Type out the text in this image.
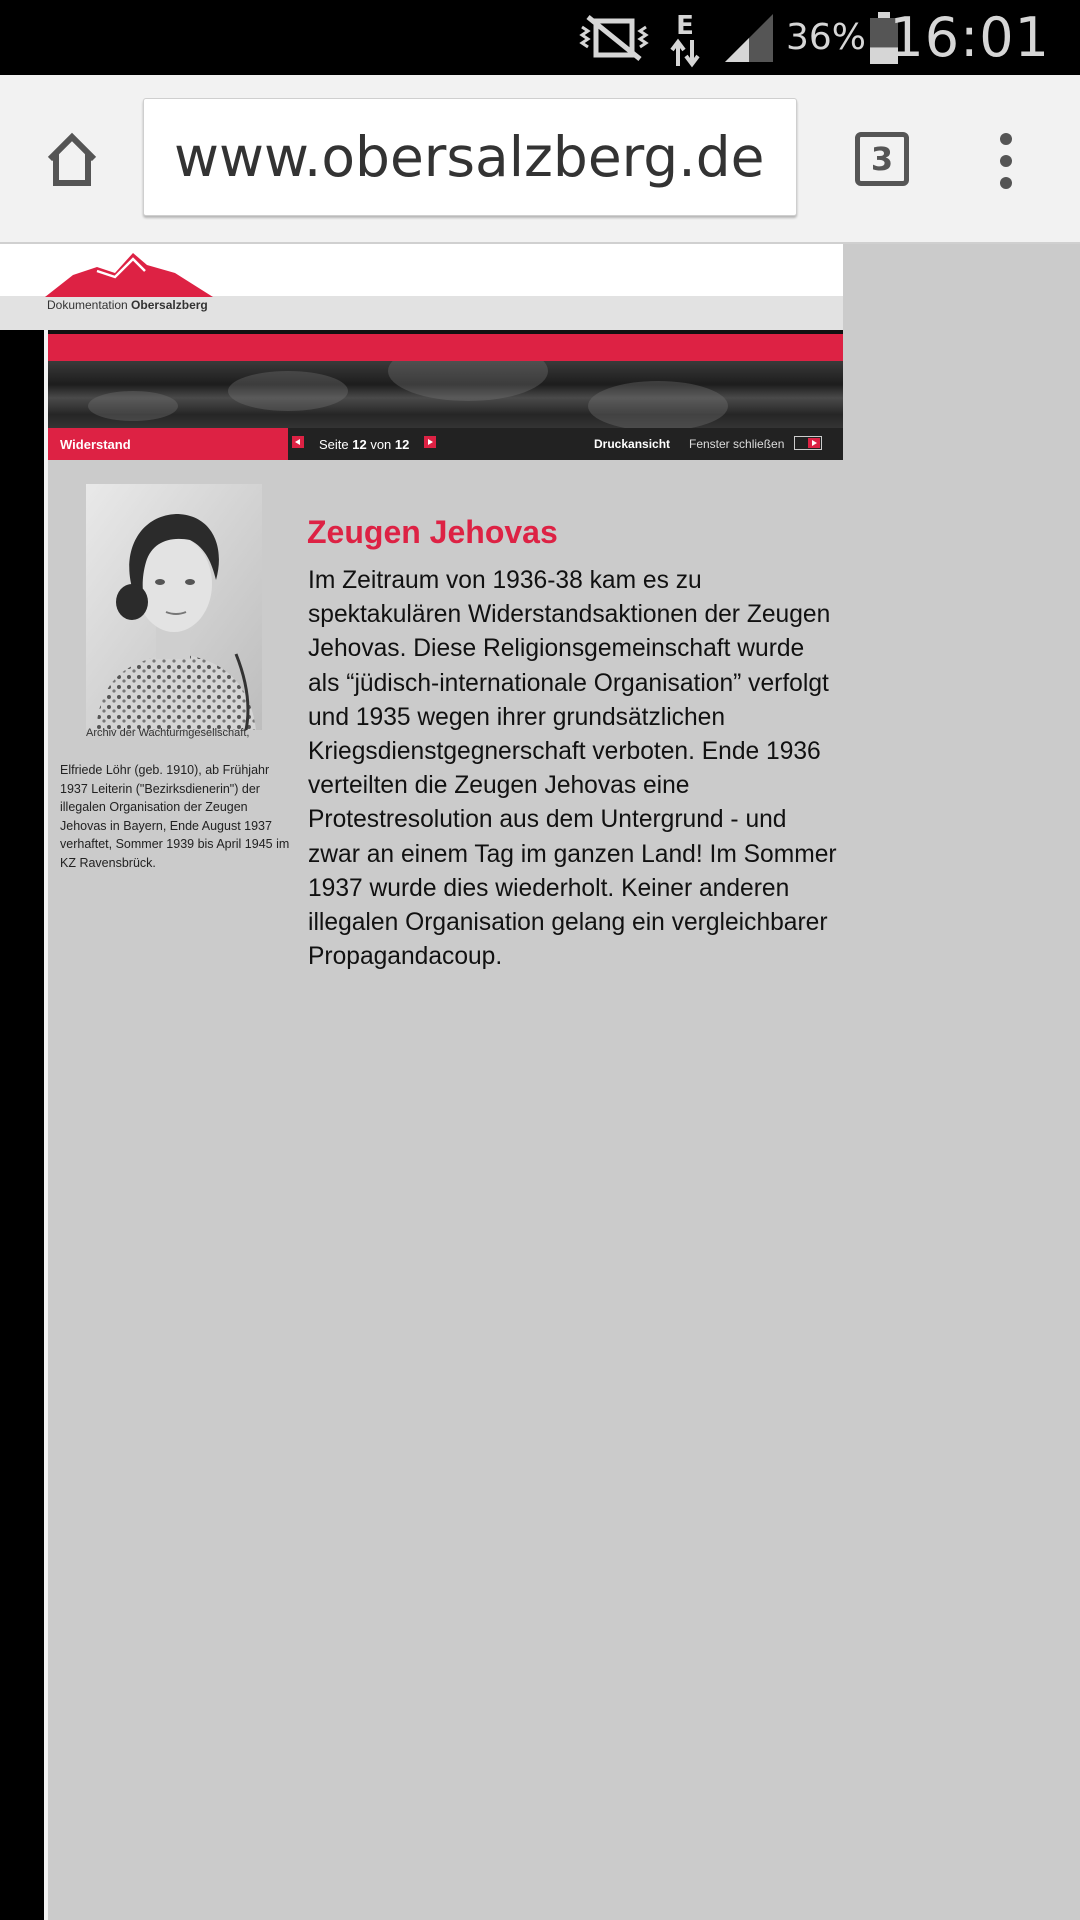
E	36% 16:01
www.obersalzberg.de	3
Dokumentation Obersalzberg
Widerstand	Seite 12 von 12	Druckansicht Fenster schließen
Archiv der Wachturmgesellschaft,
Elfriede Löhr (geb. 1910), ab Frühjahr 1937 Leiterin ("Bezirksdienerin") der illegalen Organisation der Zeugen Jehovas in Bayern, Ende August 1937 verhaftet, Sommer 1939 bis April 1945 im KZ Ravensbrück.
Zeugen Jehovas
Im Zeitraum von 1936-38 kam es zu spektakulären Widerstandsaktionen der Zeugen Jehovas. Diese Religionsgemeinschaft wurde als “jüdisch-internationale Organisation” verfolgt und 1935 wegen ihrer grundsätzlichen Kriegsdienstgegnerschaft verboten. Ende 1936 verteilten die Zeugen Jehovas eine Protestresolution aus dem Untergrund - und zwar an einem Tag im ganzen Land! Im Sommer 1937 wurde dies wiederholt. Keiner anderen illegalen Organisation gelang ein vergleichbarer Propagandacoup.
